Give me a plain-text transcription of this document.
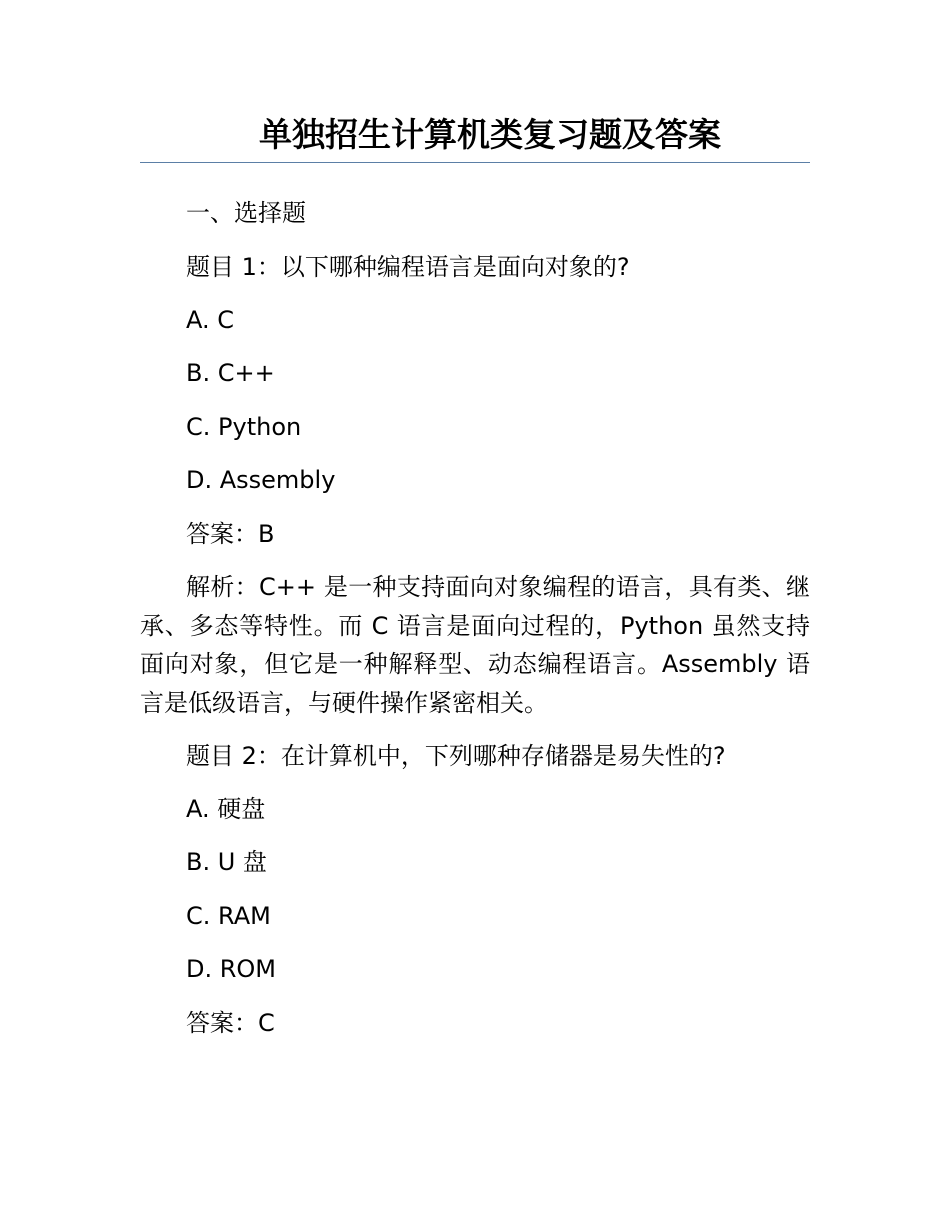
单独招生计算机类复习题及答案
一、选择题
题目 1：以下哪种编程语言是面向对象的?
A. C
B. C++
C. Python
D. Assembly
答案：B
解析：C++ 是一种支持面向对象编程的语言，具有类、继承、多态等特性。而 C 语言是面向过程的，Python 虽然支持面向对象，但它是一种解释型、动态编程语言。Assembly 语言是低级语言，与硬件操作紧密相关。
题目 2：在计算机中，下列哪种存储器是易失性的?
A. 硬盘
B. U 盘
C. RAM
D. ROM
答案：C
